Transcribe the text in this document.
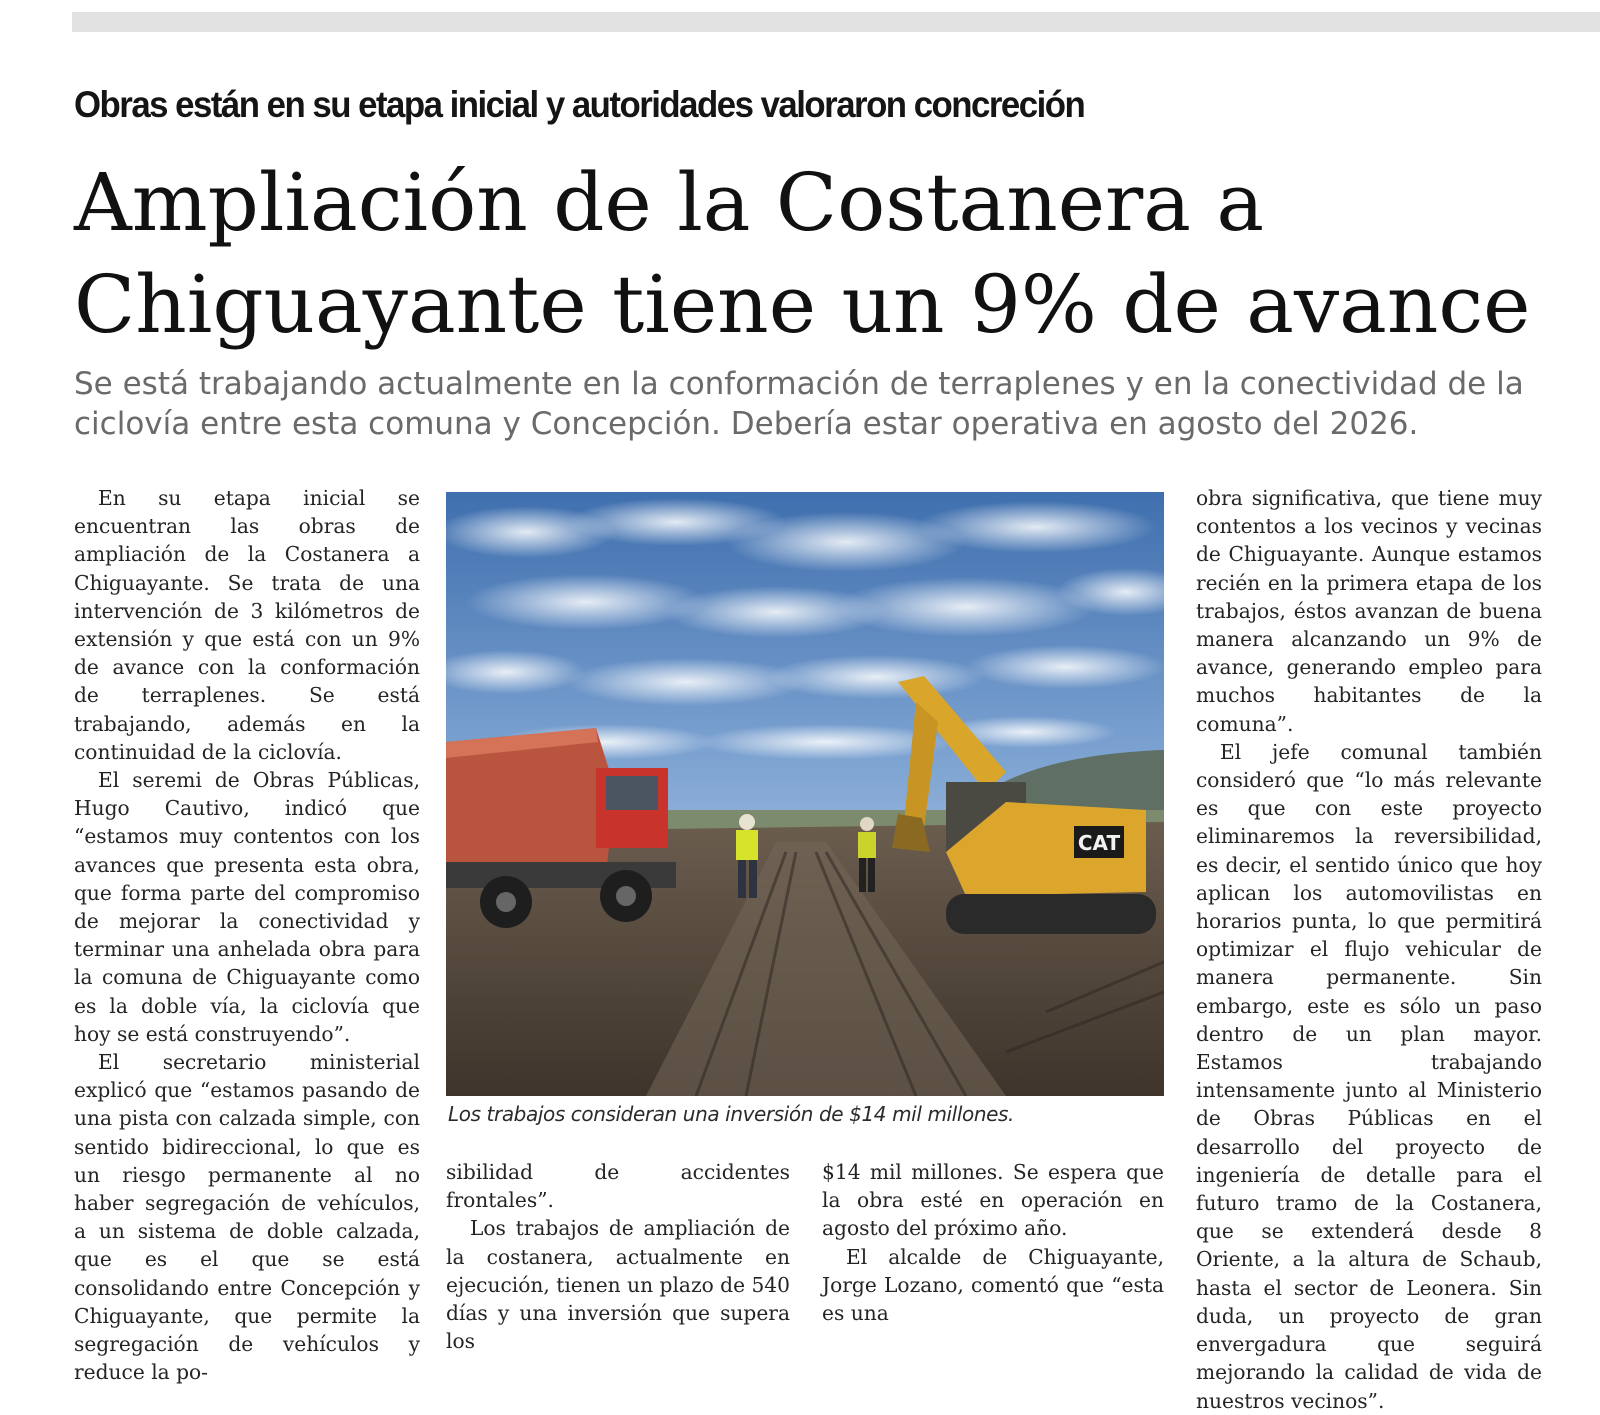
Obras están en su etapa inicial y autoridades valoraron concreción
Ampliación de la Costanera a
Chiguayante tiene un 9% de avance

Se está trabajando actualmente en la conformación de terraplenes y en la conectividad de la ciclovía entre esta comuna y Concepción. Debería estar operativa en agosto del 2026.

En su etapa inicial se encuentran las obras de ampliación de la Costanera a Chiguayante. Se trata de una intervención de 3 kilómetros de extensión y que está con un 9% de avance con la conformación de terraplenes. Se está trabajando, además en la continuidad de la ciclovía.

El seremi de Obras Públicas, Hugo Cautivo, indicó que “estamos muy contentos con los avances que presenta esta obra, que forma parte del compromiso de mejorar la conectividad y terminar una anhelada obra para la comuna de Chiguayante como es la doble vía, la ciclovía que hoy se está construyendo”.

El secretario ministerial explicó que “estamos pasando de una pista con calzada simple, con sentido bidireccional, lo que es un riesgo permanente al no haber segregación de vehículos, a un sistema de doble calzada, que es el que se está consolidando entre Concepción y Chiguayante, que permite la segregación de vehículos y reduce la po-

CAT
Los trabajos consideran una inversión de $14 mil millones.

sibilidad de accidentes frontales”.

Los trabajos de ampliación de la costanera, actualmente en ejecución, tienen un plazo de 540 días y una inversión que supera los

$14 mil millones. Se espera que la obra esté en operación en agosto del próximo año.

El alcalde de Chiguayante, Jorge Lozano, comentó que “esta es una

obra significativa, que tiene muy contentos a los vecinos y vecinas de Chiguayante. Aunque estamos recién en la primera etapa de los trabajos, éstos avanzan de buena manera alcanzando un 9% de avance, generando empleo para muchos habitantes de la comuna”.

El jefe comunal también consideró que “lo más relevante es que con este proyecto eliminaremos la reversibilidad, es decir, el sentido único que hoy aplican los automovilistas en horarios punta, lo que permitirá optimizar el flujo vehicular de manera permanente. Sin embargo, este es sólo un paso dentro de un plan mayor. Estamos trabajando intensamente junto al Ministerio de Obras Públicas en el desarrollo del proyecto de ingeniería de detalle para el futuro tramo de la Costanera, que se extenderá desde 8 Oriente, a la altura de Schaub, hasta el sector de Leonera. Sin duda, un proyecto de gran envergadura que seguirá mejorando la calidad de vida de nuestros vecinos”.
